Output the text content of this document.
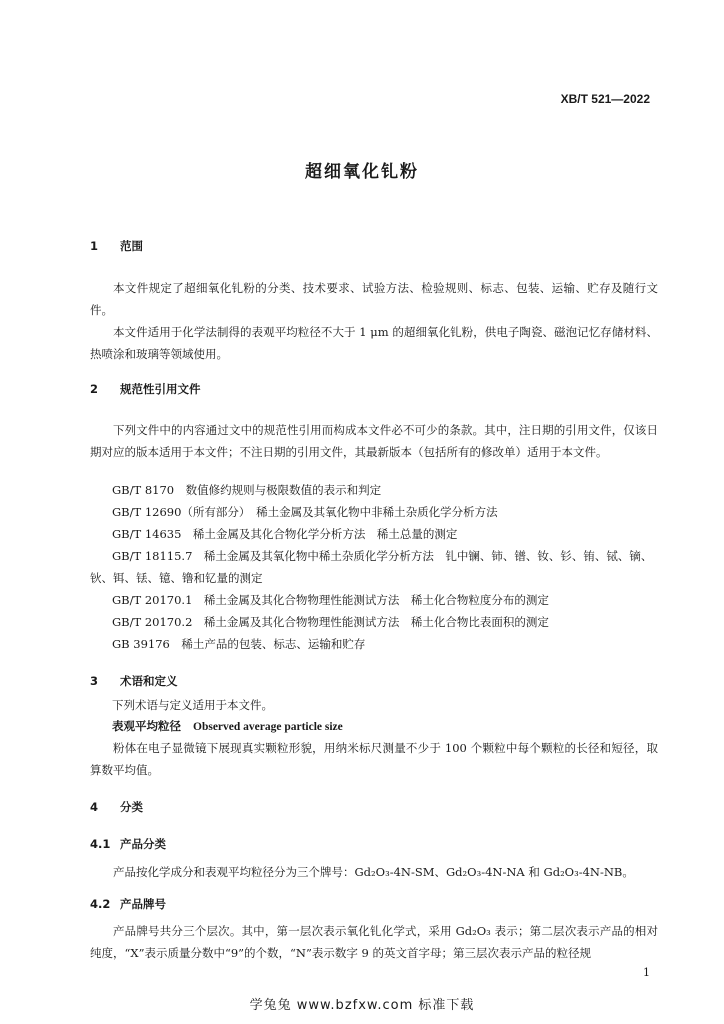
XB/T 521—2022
超细氧化钆粉
1 范围
本文件规定了超细氧化钆粉的分类、技术要求、试验方法、检验规则、标志、包装、运输、贮存及随行文件。
本文件适用于化学法制得的表观平均粒径不大于 1 μm 的超细氧化钆粉，供电子陶瓷、磁泡记忆存储材料、热喷涂和玻璃等领域使用。
2 规范性引用文件
下列文件中的内容通过文中的规范性引用而构成本文件必不可少的条款。其中，注日期的引用文件，仅该日期对应的版本适用于本文件；不注日期的引用文件，其最新版本（包括所有的修改单）适用于本文件。
GB/T 8170　数值修约规则与极限数值的表示和判定
GB/T 12690（所有部分）　稀土金属及其氧化物中非稀土杂质化学分析方法
GB/T 14635　稀土金属及其化合物化学分析方法　稀土总量的测定
GB/T 18115.7　稀土金属及其氧化物中稀土杂质化学分析方法　钆中镧、铈、镨、钕、钐、铕、铽、镝、
钬、铒、铥、镱、镥和钇量的测定
GB/T 20170.1　稀土金属及其化合物物理性能测试方法　稀土化合物粒度分布的测定
GB/T 20170.2　稀土金属及其化合物物理性能测试方法　稀土化合物比表面积的测定
GB 39176　稀土产品的包装、标志、运输和贮存
3 术语和定义
下列术语与定义适用于本文件。
表观平均粒径 Observed average particle size
粉体在电子显微镜下展现真实颗粒形貌，用纳米标尺测量不少于 100 个颗粒中每个颗粒的长径和短径，取算数平均值。
4 分类
4.1 产品分类
产品按化学成分和表观平均粒径分为三个牌号：Gd₂O₃-4N-SM、Gd₂O₃-4N-NA 和 Gd₂O₃-4N-NB。
4.2 产品牌号
产品牌号共分三个层次。其中，第一层次表示氧化钆化学式，采用 Gd₂O₃ 表示；第二层次表示产品的相对纯度，“X”表示质量分数中“9”的个数，“N”表示数字 9 的英文首字母；第三层次表示产品的粒径规
1
学兔兔 www.bzfxw.com 标准下载
